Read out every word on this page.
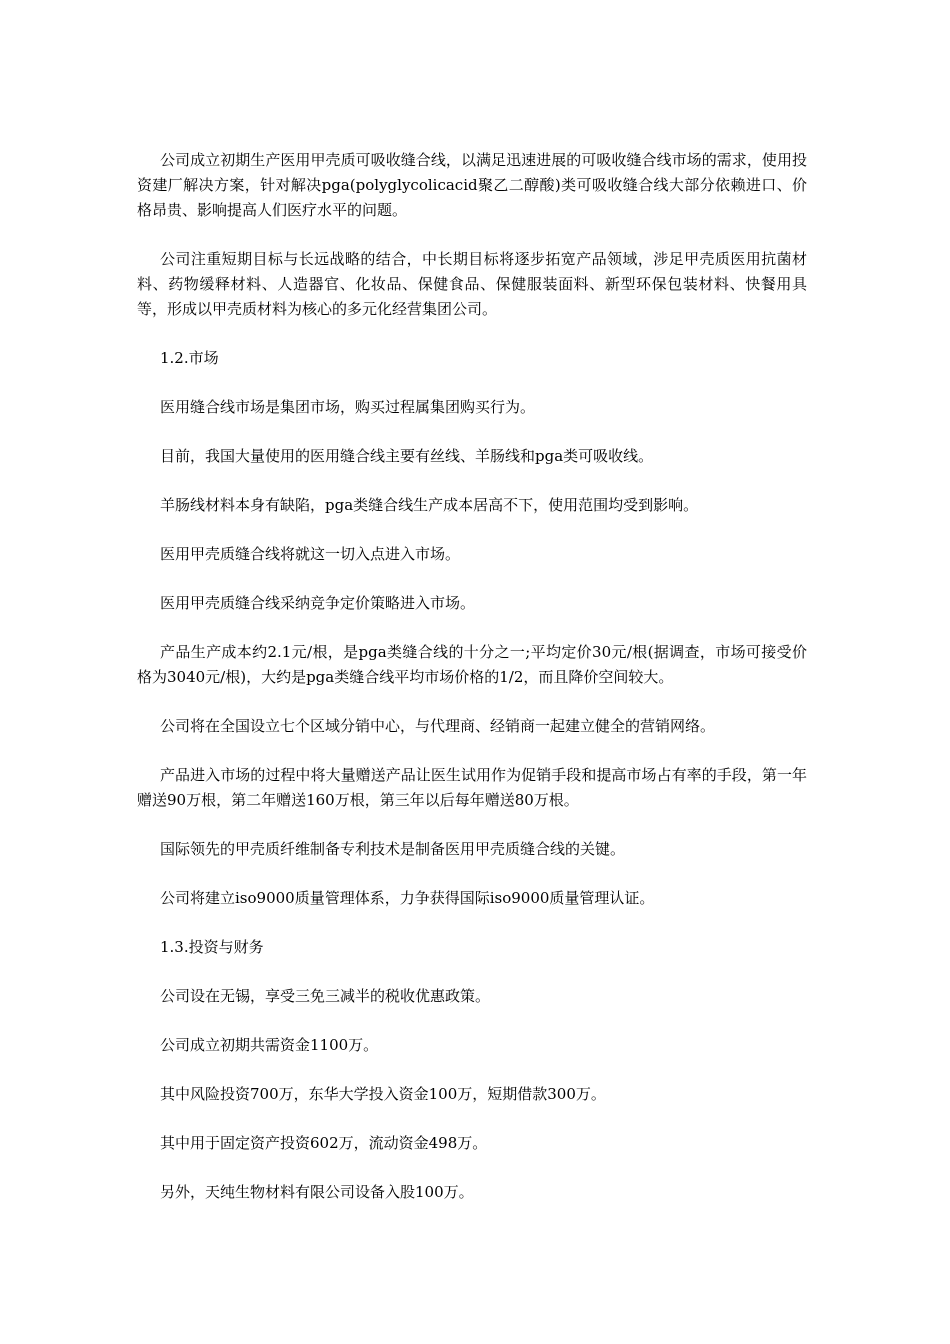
公司成立初期生产医用甲壳质可吸收缝合线，以满足迅速进展的可吸收缝合线市场的需求，使用投资建厂解决方案，针对解决pga(polyglycolicacid聚乙二醇酸)类可吸收缝合线大部分依赖进口、价格昂贵、影响提高人们医疗水平的问题。

公司注重短期目标与长远战略的结合，中长期目标将逐步拓宽产品领域，涉足甲壳质医用抗菌材料、药物缓释材料、人造器官、化妆品、保健食品、保健服装面料、新型环保包装材料、快餐用具等，形成以甲壳质材料为核心的多元化经营集团公司。

1.2.市场

医用缝合线市场是集团市场，购买过程属集团购买行为。

目前，我国大量使用的医用缝合线主要有丝线、羊肠线和pga类可吸收线。

羊肠线材料本身有缺陷，pga类缝合线生产成本居高不下，使用范围均受到影响。

医用甲壳质缝合线将就这一切入点进入市场。

医用甲壳质缝合线采纳竞争定价策略进入市场。

产品生产成本约2.1元/根，是pga类缝合线的十分之一;平均定价30元/根(据调查，市场可接受价格为3040元/根)，大约是pga类缝合线平均市场价格的1/2，而且降价空间较大。

公司将在全国设立七个区域分销中心，与代理商、经销商一起建立健全的营销网络。

产品进入市场的过程中将大量赠送产品让医生试用作为促销手段和提高市场占有率的手段，第一年赠送90万根，第二年赠送160万根，第三年以后每年赠送80万根。

国际领先的甲壳质纤维制备专利技术是制备医用甲壳质缝合线的关键。

公司将建立iso9000质量管理体系，力争获得国际iso9000质量管理认证。

1.3.投资与财务

公司设在无锡，享受三免三减半的税收优惠政策。

公司成立初期共需资金1100万。

其中风险投资700万，东华大学投入资金100万，短期借款300万。

其中用于固定资产投资602万，流动资金498万。

另外，天纯生物材料有限公司设备入股100万。
